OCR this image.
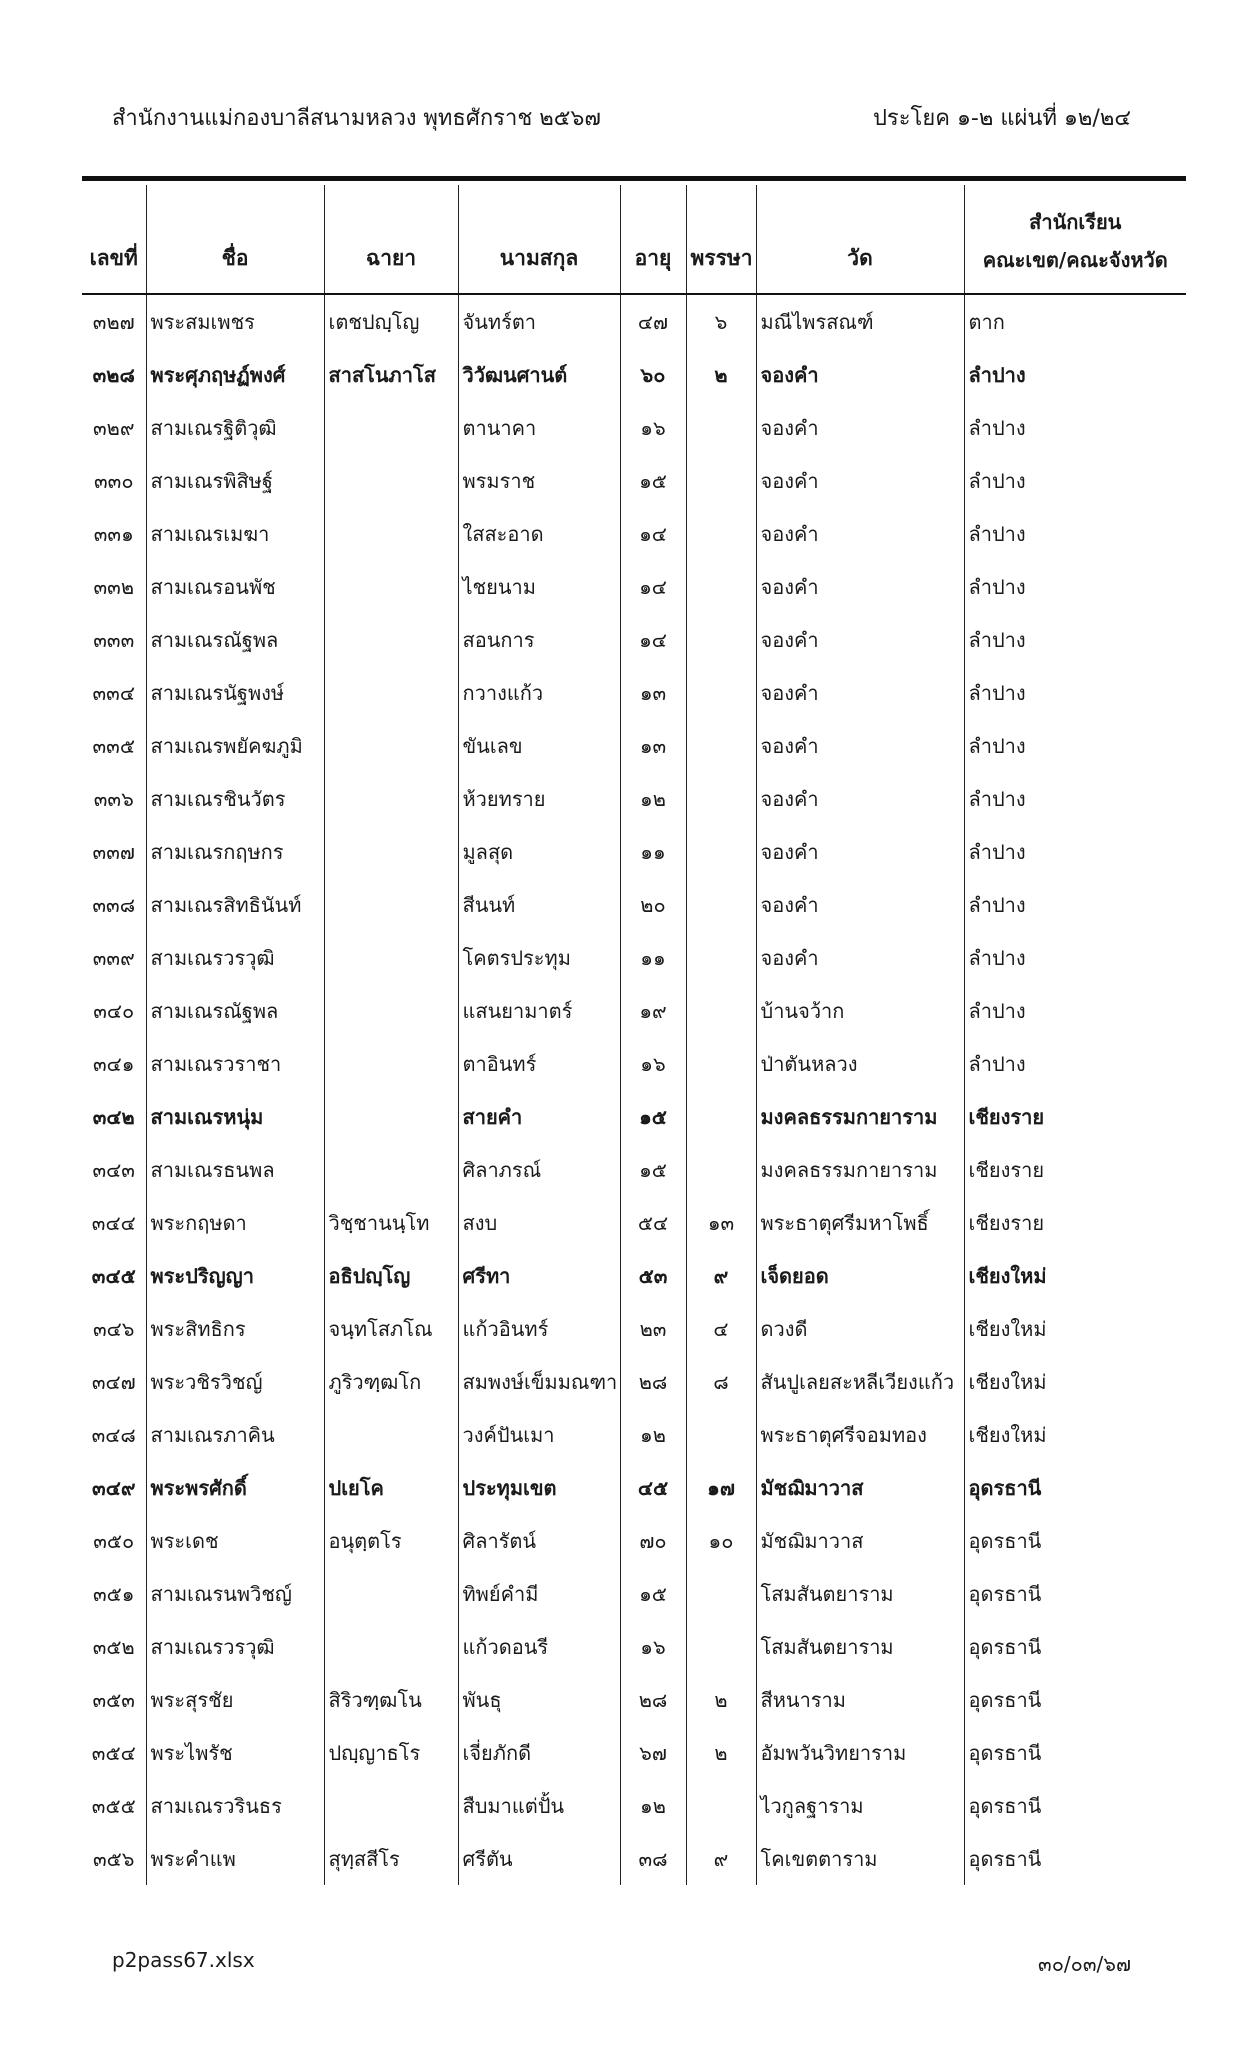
สำนักงานแม่กองบาลีสนามหลวง พุทธศักราช ๒๕๖๗	ประโยค ๑-๒ แผ่นที่ ๑๒/๒๔
เลขที่	ชื่อ	ฉายา	นามสกุล	อายุ	พรรษา	วัด	สำนักเรียน
คณะเขต/คณะจังหวัด
๓๒๗	พระสมเพชร	เตชปญฺโญ	จันทร์ตา	๔๗	๖	มณีไพรสณฑ์	ตาก
๓๒๘	พระศุภฤษฏ์พงศ์	สาสโนภาโส	วิวัฒนศานต์	๖๐	๒	จองคำ	ลำปาง
๓๒๙	สามเณรฐิติวุฒิ		ตานาคา	๑๖		จองคำ	ลำปาง
๓๓๐	สามเณรพิสิษฐ์		พรมราช	๑๕		จองคำ	ลำปาง
๓๓๑	สามเณรเมฆา		ใสสะอาด	๑๔		จองคำ	ลำปาง
๓๓๒	สามเณรอนพัช		ไชยนาม	๑๔		จองคำ	ลำปาง
๓๓๓	สามเณรณัฐพล		สอนการ	๑๔		จองคำ	ลำปาง
๓๓๔	สามเณรนัฐพงษ์		กวางแก้ว	๑๓		จองคำ	ลำปาง
๓๓๕	สามเณรพยัคฆภูมิ		ขันเลข	๑๓		จองคำ	ลำปาง
๓๓๖	สามเณรชินวัตร		ห้วยทราย	๑๒		จองคำ	ลำปาง
๓๓๗	สามเณรกฤษกร		มูลสุด	๑๑		จองคำ	ลำปาง
๓๓๘	สามเณรสิทธินันท์		สีนนท์	๒๐		จองคำ	ลำปาง
๓๓๙	สามเณรวรวุฒิ		โคตรประทุม	๑๑		จองคำ	ลำปาง
๓๔๐	สามเณรณัฐพล		แสนยามาตร์	๑๙		บ้านจว้าก	ลำปาง
๓๔๑	สามเณรวราชา		ตาอินทร์	๑๖		ป่าตันหลวง	ลำปาง
๓๔๒	สามเณรหนุ่ม		สายคำ	๑๕		มงคลธรรมกายาราม	เชียงราย
๓๔๓	สามเณรธนพล		ศิลาภรณ์	๑๕		มงคลธรรมกายาราม	เชียงราย
๓๔๔	พระกฤษดา	วิชฺชานนฺโท	สงบ	๕๔	๑๓	พระธาตุศรีมหาโพธิ์	เชียงราย
๓๔๕	พระปริญญา	อธิปญฺโญ	ศรีทา	๕๓	๙	เจ็ดยอด	เชียงใหม่
๓๔๖	พระสิทธิกร	จนฺทโสภโณ	แก้วอินทร์	๒๓	๔	ดวงดี	เชียงใหม่
๓๔๗	พระวชิรวิชญ์	ภูริวฑฺฒโก	สมพงษ์เข็มมณฑา	๒๘	๘	สันปูเลยสะหลีเวียงแก้ว	เชียงใหม่
๓๔๘	สามเณรภาคิน		วงค์ปันเมา	๑๒		พระธาตุศรีจอมทอง	เชียงใหม่
๓๔๙	พระพรศักดิ์	ปเยโค	ประทุมเขต	๔๕	๑๗	มัชฌิมาวาส	อุดรธานี
๓๕๐	พระเดช	อนุตฺตโร	ศิลารัตน์	๗๐	๑๐	มัชฌิมาวาส	อุดรธานี
๓๕๑	สามเณรนพวิชญ์		ทิพย์คำมี	๑๕		โสมสันตยาราม	อุดรธานี
๓๕๒	สามเณรวรวุฒิ		แก้วดอนรี	๑๖		โสมสันตยาราม	อุดรธานี
๓๕๓	พระสุรชัย	สิริวฑฺฒโน	พันธุ	๒๘	๒	สีหนาราม	อุดรธานี
๓๕๔	พระไพรัช	ปญฺญาธโร	เจี่ยภักดี	๖๗	๒	อัมพวันวิทยาราม	อุดรธานี
๓๕๕	สามเณรวรินธร		สืบมาแต่ปั้น	๑๒		ไวกูลฐาราม	อุดรธานี
๓๕๖	พระคำแพ	สุทฺสสีโร	ศรีตัน	๓๘	๙	โคเขตตาราม	อุดรธานี
p2pass67.xlsx	๓๐/๐๓/๖๗
